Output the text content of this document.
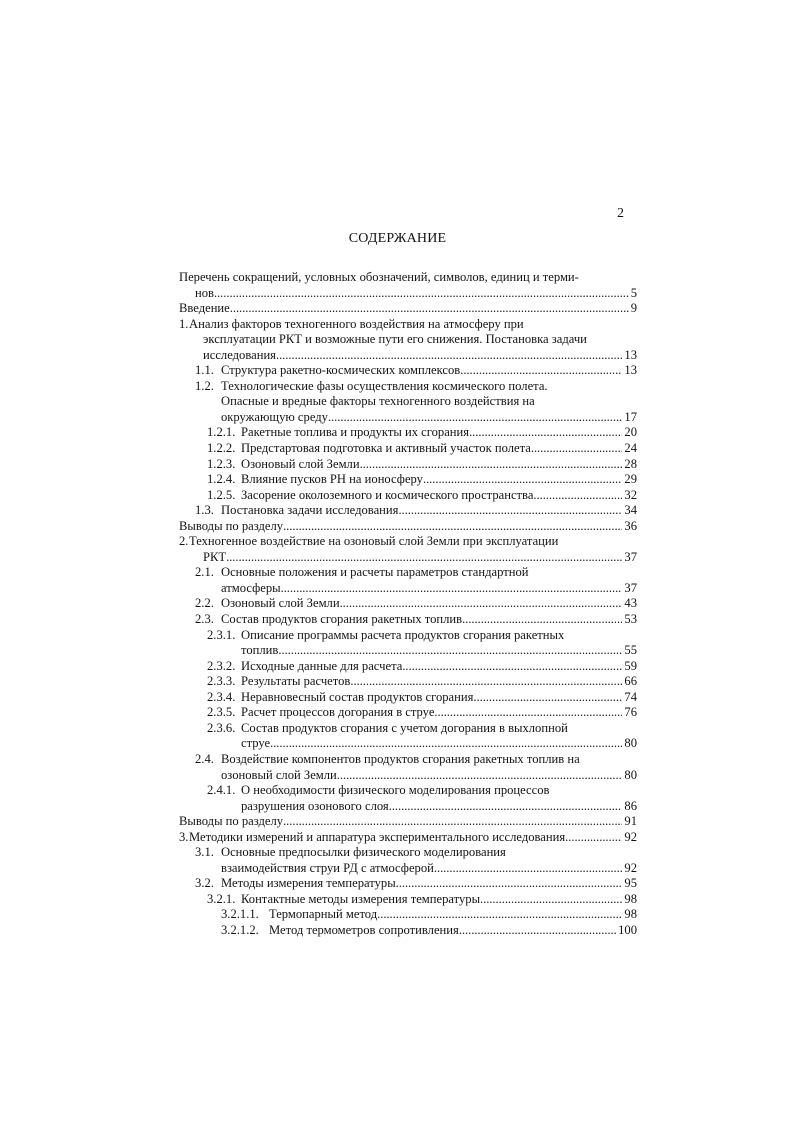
2
СОДЕРЖАНИЕ
Перечень сокращений, условных обозначений, символов, единиц и терми-
нов . . .	5
Введение . . .	9
1. Анализ факторов техногенного воздействия на атмосферу при
эксплуатации РКТ и возможные пути его снижения. Постановка задачи
исследования . . .	13
1.1. Структура ракетно-космических комплексов . . .	13
1.2. Технологические фазы осуществления космического полета.
Опасные и вредные факторы техногенного воздействия на
окружающую среду . . .	17
1.2.1. Ракетные топлива и продукты их сгорания . . .	20
1.2.2. Предстартовая подготовка и активный участок полета . . .	24
1.2.3. Озоновый слой Земли . . .	28
1.2.4. Влияние пусков РН на ионосферу . . .	29
1.2.5. Засорение околоземного и космического пространства . . .	32
1.3. Постановка задачи исследования . . .	34
Выводы по разделу . . .	36
2. Техногенное воздействие на озоновый слой Земли при эксплуатации
РКТ . . .	37
2.1. Основные положения и расчеты параметров стандартной
атмосферы . . .	37
2.2. Озоновый слой Земли . . .	43
2.3. Состав продуктов сгорания ракетных топлив . . .	53
2.3.1. Описание программы расчета продуктов сгорания ракетных
топлив . . .	55
2.3.2. Исходные данные для расчета . . .	59
2.3.3. Результаты расчетов . . .	66
2.3.4. Неравновесный состав продуктов сгорания . . .	74
2.3.5. Расчет процессов догорания в струе . . .	76
2.3.6. Состав продуктов сгорания с учетом догорания в выхлопной
струе . . .	80
2.4. Воздействие компонентов продуктов сгорания ракетных топлив на
озоновый слой Земли . . .	80
2.4.1. О необходимости физического моделирования процессов
разрушения озонового слоя . . .	86
Выводы по разделу . . .	91
3. Методики измерений и аппаратура экспериментального исследования . . .	92
3.1. Основные предпосылки физического моделирования
взаимодействия струи РД с атмосферой . . .	92
3.2. Методы измерения температуры . . .	95
3.2.1. Контактные методы измерения температуры . . .	98
3.2.1.1. Термопарный метод . . .	98
3.2.1.2. Метод термометров сопротивления . . .	100
